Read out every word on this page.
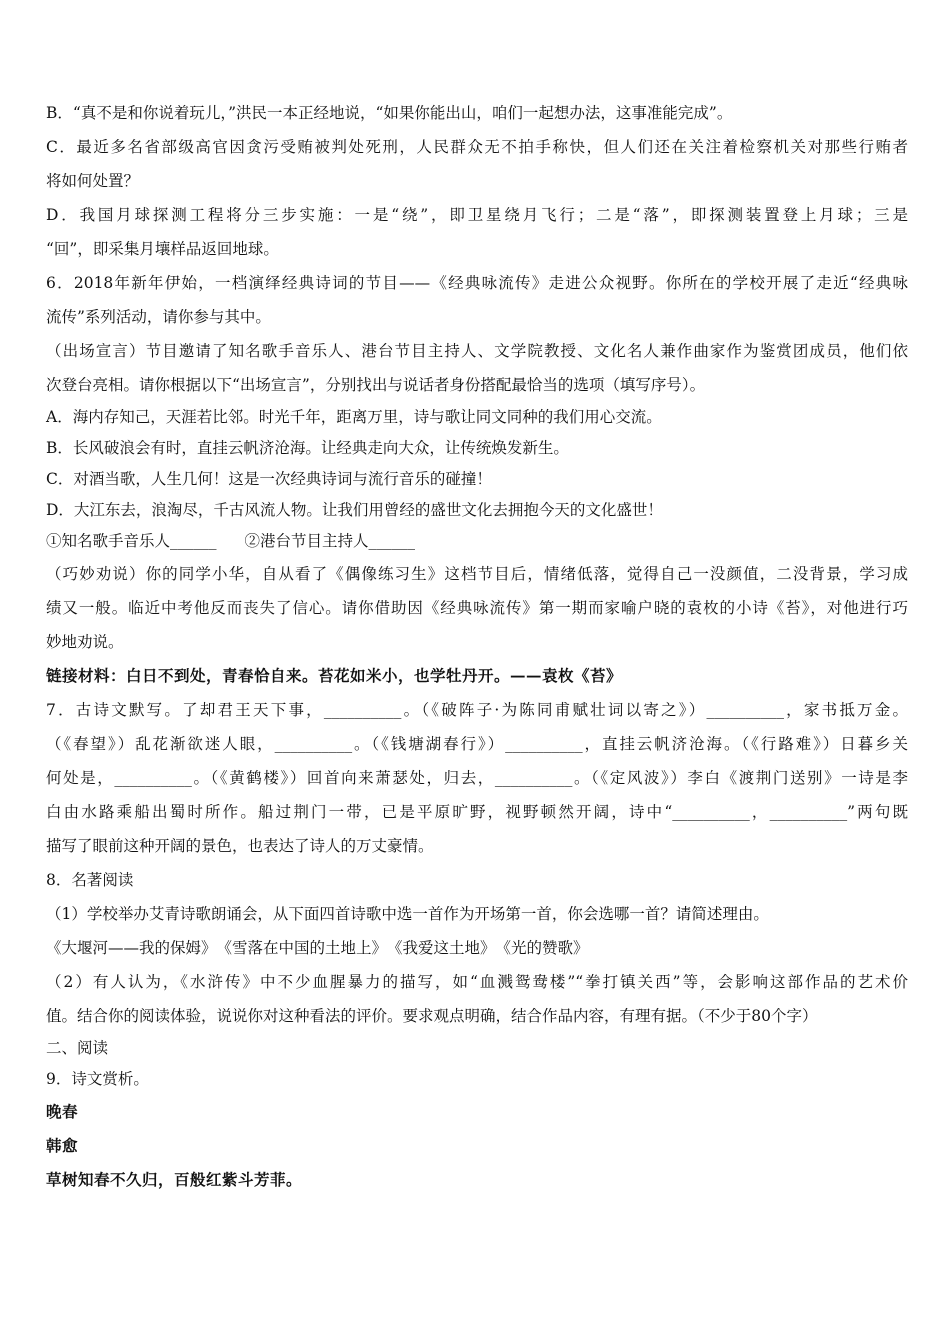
B．“真不是和你说着玩儿，”洪民一本正经地说，“如果你能出山，咱们一起想办法，这事准能完成”。
C．最近多名省部级高官因贪污受贿被判处死刑，人民群众无不拍手称快，但人们还在关注着检察机关对那些行贿者
将如何处置？
D．我国月球探测工程将分三步实施：一是“绕”，即卫星绕月飞行；二是“落”，即探测装置登上月球；三是
“回”，即采集月壤样品返回地球。
6．2018年新年伊始，一档演绎经典诗词的节目——《经典咏流传》走进公众视野。你所在的学校开展了走近“经典咏
流传”系列活动，请你参与其中。
（出场宣言）节目邀请了知名歌手音乐人、港台节目主持人、文学院教授、文化名人兼作曲家作为鉴赏团成员，他们依
次登台亮相。请你根据以下“出场宣言”，分别找出与说话者身份搭配最恰当的选项（填写序号）。
A．海内存知己，天涯若比邻。时光千年，距离万里，诗与歌让同文同种的我们用心交流。
B．长风破浪会有时，直挂云帆济沧海。让经典走向大众，让传统焕发新生。
C．对酒当歌，人生几何！这是一次经典诗词与流行音乐的碰撞！
D．大江东去，浪淘尽，千古风流人物。让我们用曾经的盛世文化去拥抱今天的文化盛世！
①知名歌手音乐人______ ②港台节目主持人______
（巧妙劝说）你的同学小华，自从看了《偶像练习生》这档节目后，情绪低落，觉得自己一没颜值，二没背景，学习成
绩又一般。临近中考他反而丧失了信心。请你借助因《经典咏流传》第一期而家喻户晓的袁枚的小诗《苔》，对他进行巧
妙地劝说。
链接材料：白日不到处，青春恰自来。苔花如米小，也学牡丹开。——袁枚《苔》
7．古诗文默写。了却君王天下事，__________。（《破阵子·为陈同甫赋壮词以寄之》）__________，家书抵万金。
（《春望》）乱花渐欲迷人眼，__________。（《钱塘湖春行》）__________，直挂云帆济沧海。（《行路难》）日暮乡关
何处是，__________。（《黄鹤楼》）回首向来萧瑟处，归去，__________。（《定风波》）李白《渡荆门送别》一诗是李
白由水路乘船出蜀时所作。船过荆门一带，已是平原旷野，视野顿然开阔，诗中“__________，__________”两句既
描写了眼前这种开阔的景色，也表达了诗人的万丈豪情。
8．名著阅读
（1）学校举办艾青诗歌朗诵会，从下面四首诗歌中选一首作为开场第一首，你会选哪一首？请简述理由。
《大堰河——我的保姆》　《雪落在中国的土地上》　《我爱这土地》　《光的赞歌》
（2）有人认为，《水浒传》中不少血腥暴力的描写，如“血溅鸳鸯楼”“拳打镇关西”等，会影响这部作品的艺术价
值。结合你的阅读体验，说说你对这种看法的评价。要求观点明确，结合作品内容，有理有据。（不少于80个字）
二、阅读
9．诗文赏析。
晚春
韩愈
草树知春不久归，百般红紫斗芳菲。
